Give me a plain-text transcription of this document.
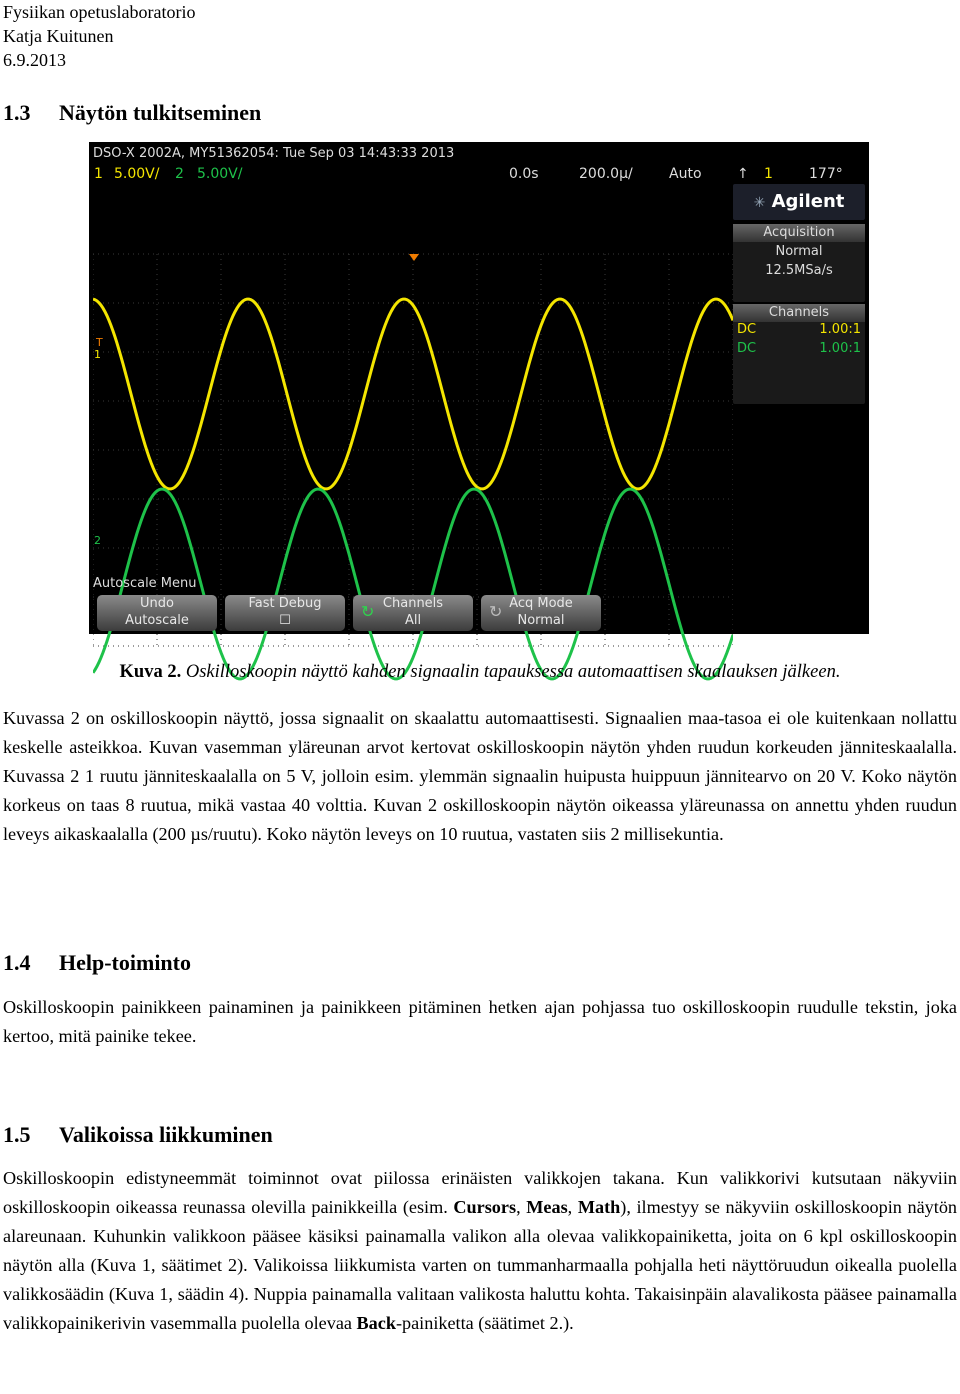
Fysiikan opetuslaboratorio
Katja Kuitunen
6.9.2013
1.3 Näytön tulkitseminen
DSO-X 2002A, MY51362054: Tue Sep 03 14:43:33 2013
1 5.00V/ 2 5.00V/	0.0s	200.0µ/	Auto	↑ 1	177°
T
1
2
✳ Agilent
Acquisition
Normal
12.5MSa/s
Channels
DC	1.00:1
DC	1.00:1
Autoscale Menu
Undo
Autoscale
Fast Debug
☐	↻ Channels
All	↻ Acq Mode
Normal
Kuva 2. Oskilloskoopin näyttö kahden signaalin tapauksessa automaattisen skaalauksen jälkeen.
Kuvassa 2 on oskilloskoopin näyttö, jossa signaalit on skaalattu automaattisesti. Signaalien maa-tasoa ei ole kuitenkaan nollattu keskelle asteikkoa. Kuvan vasemman yläreunan arvot kertovat oskilloskoopin näytön yhden ruudun korkeuden jänniteskaalalla. Kuvassa 2 1 ruutu jänniteskaalalla on 5 V, jolloin esim. ylemmän signaalin huipusta huippuun jännitearvo on 20 V. Koko näytön korkeus on taas 8 ruutua, mikä vastaa 40 volttia. Kuvan 2 oskilloskoopin näytön oikeassa yläreunassa on annettu yhden ruudun leveys aikaskaalalla (200 µs/ruutu). Koko näytön leveys on 10 ruutua, vastaten siis 2 millisekuntia.
1.4 Help-toiminto
Oskilloskoopin painikkeen painaminen ja painikkeen pitäminen hetken ajan pohjassa tuo oskilloskoopin ruudulle tekstin, joka kertoo, mitä painike tekee.
1.5 Valikoissa liikkuminen
Oskilloskoopin edistyneemmät toiminnot ovat piilossa erinäisten valikkojen takana. Kun valikkorivi kutsutaan näkyviin oskilloskoopin oikeassa reunassa olevilla painikkeilla (esim. Cursors, Meas, Math), ilmestyy se näkyviin oskilloskoopin näytön alareunaan. Kuhunkin valikkoon pääsee käsiksi painamalla valikon alla olevaa valikkopainiketta, joita on 6 kpl oskilloskoopin näytön alla (Kuva 1, säätimet 2). Valikoissa liikkumista varten on tummanharmaalla pohjalla heti näyttöruudun oikealla puolella valikkosäädin (Kuva 1, säädin 4). Nuppia painamalla valitaan valikosta haluttu kohta. Takaisinpäin alavalikosta pääsee painamalla valikkopainikerivin vasemmalla puolella olevaa Back-painiketta (säätimet 2.).
